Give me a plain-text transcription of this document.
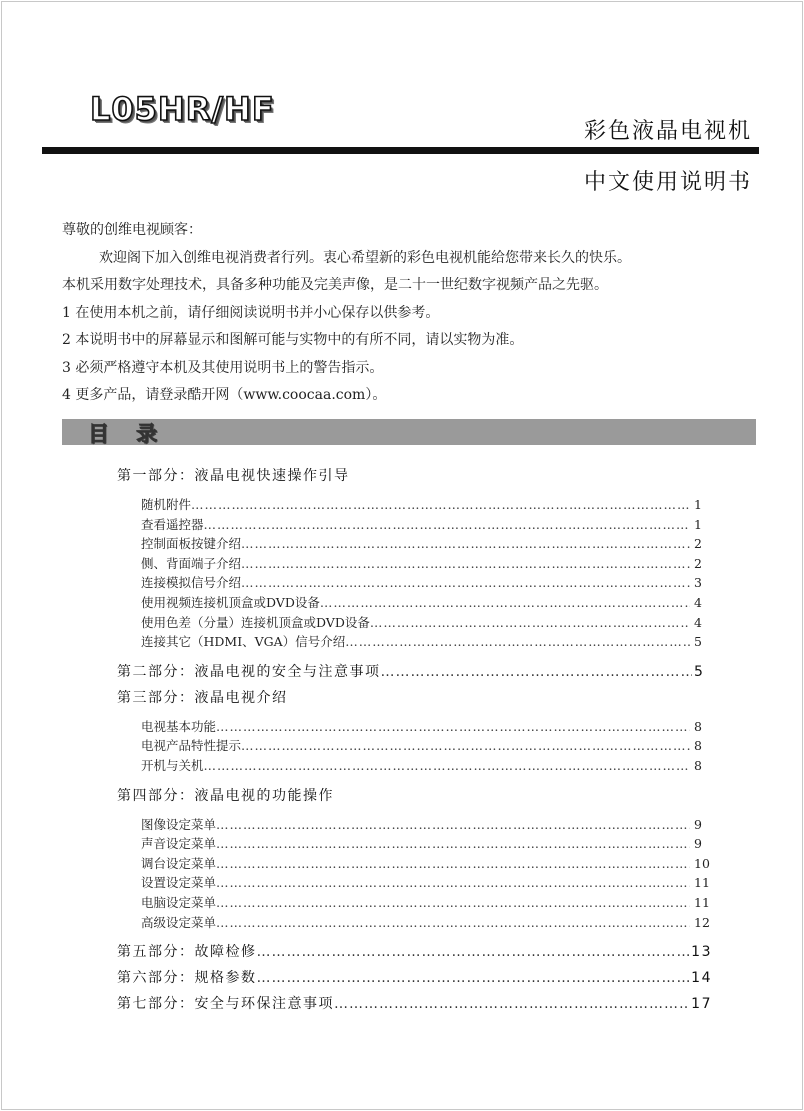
L05HR/HF
彩色液晶电视机
中文使用说明书
尊敬的创维电视顾客：
欢迎阁下加入创维电视消费者行列。衷心希望新的彩色电视机能给您带来长久的快乐。
本机采用数字处理技术，具备多种功能及完美声像，是二十一世纪数字视频产品之先驱。
1 在使用本机之前，请仔细阅读说明书并小心保存以供参考。
2 本说明书中的屏幕显示和图解可能与实物中的有所不同，请以实物为准。
3 必须严格遵守本机及其使用说明书上的警告指示。
4 更多产品，请登录酷开网（www.coocaa.com）。
目 录
第一部分：液晶电视快速操作引导
随机附件 ……………………………………………………………………………………………………………………………………………………	1
查看遥控器 ……………………………………………………………………………………………………………………………………………………	1
控制面板按键介绍 ……………………………………………………………………………………………………………………………………………………	2
侧、背面端子介绍 ……………………………………………………………………………………………………………………………………………………	2
连接模拟信号介绍 ……………………………………………………………………………………………………………………………………………………	3
使用视频连接机顶盒或DVD设备 ……………………………………………………………………………………………………………………………………………………	4
使用色差（分量）连接机顶盒或DVD设备 ……………………………………………………………………………………………………………………………………………………	4
连接其它（HDMI、VGA）信号介绍 ……………………………………………………………………………………………………………………………………………………	5
第二部分：液晶电视的安全与注意事项 ……………………………………………………………………………………………………………………………………………………	5
第三部分：液晶电视介绍
电视基本功能 ……………………………………………………………………………………………………………………………………………………	8
电视产品特性提示 ……………………………………………………………………………………………………………………………………………………	8
开机与关机 ……………………………………………………………………………………………………………………………………………………	8
第四部分：液晶电视的功能操作
图像设定菜单 ……………………………………………………………………………………………………………………………………………………	9
声音设定菜单 ……………………………………………………………………………………………………………………………………………………	9
调台设定菜单 ……………………………………………………………………………………………………………………………………………………	10
设置设定菜单 ……………………………………………………………………………………………………………………………………………………	11
电脑设定菜单 ……………………………………………………………………………………………………………………………………………………	11
高级设定菜单 ……………………………………………………………………………………………………………………………………………………	12
第五部分：故障检修 ……………………………………………………………………………………………………………………………………………………	13
第六部分：规格参数 ……………………………………………………………………………………………………………………………………………………	14
第七部分：安全与环保注意事项 ……………………………………………………………………………………………………………………………………………………	17
